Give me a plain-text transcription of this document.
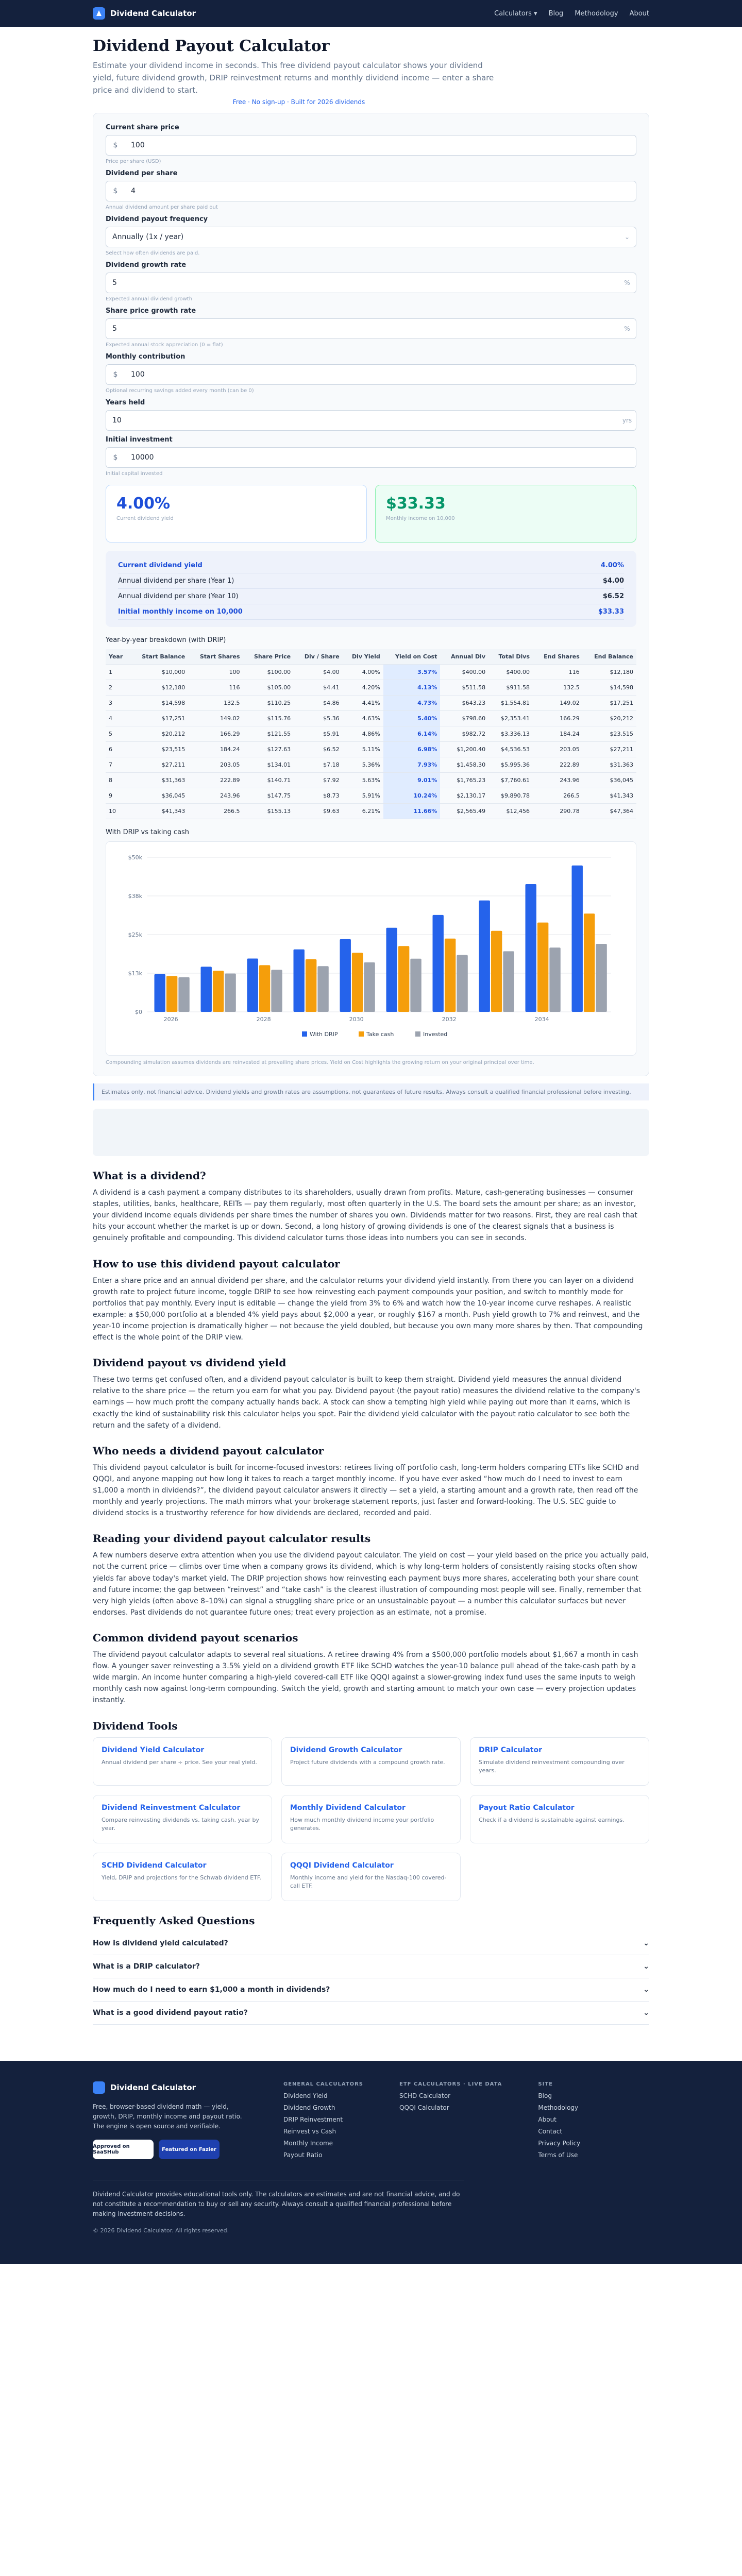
Dividend Calculator	Calculators ▾ Blog Methodology About
Dividend Payout Calculator
Estimate your dividend income in seconds. This free dividend payout calculator shows your dividend yield, future dividend growth, DRIP reinvestment returns and monthly dividend income — enter a share price and dividend to start.
Free · No sign-up · Built for 2026 dividends
Current share price
$	100
Price per share (USD)
Dividend per share
$	4
Annual dividend amount per share paid out
Dividend payout frequency
Annually (1x / year)	⌄
Select how often dividends are paid.
Dividend growth rate
5	%
Expected annual dividend growth
Share price growth rate
5	%
Expected annual stock appreciation (0 = flat)
Monthly contribution
$	100
Optional recurring savings added every month (can be 0)
Years held
10	yrs
Initial investment
$	10000
Initial capital invested
4.00%
Current dividend yield
$33.33
Monthly income on 10,000
Current dividend yield	4.00%
Annual dividend per share (Year 1)	$4.00
Annual dividend per share (Year 10)	$6.52
Initial monthly income on 10,000	$33.33
Year-by-year breakdown (with DRIP)
Year	Start Balance	Start Shares	Share Price	Div / Share	Div Yield	Yield on Cost	Annual Div	Total Divs	End Shares	End Balance
1	$10,000	100	$100.00	$4.00	4.00%	3.57%	$400.00	$400.00	116	$12,180
2	$12,180	116	$105.00	$4.41	4.20%	4.13%	$511.58	$911.58	132.5	$14,598
3	$14,598	132.5	$110.25	$4.86	4.41%	4.73%	$643.23	$1,554.81	149.02	$17,251
4	$17,251	149.02	$115.76	$5.36	4.63%	5.40%	$798.60	$2,353.41	166.29	$20,212
5	$20,212	166.29	$121.55	$5.91	4.86%	6.14%	$982.72	$3,336.13	184.24	$23,515
6	$23,515	184.24	$127.63	$6.52	5.11%	6.98%	$1,200.40	$4,536.53	203.05	$27,211
7	$27,211	203.05	$134.01	$7.18	5.36%	7.93%	$1,458.30	$5,995.36	222.89	$31,363
8	$31,363	222.89	$140.71	$7.92	5.63%	9.01%	$1,765.23	$7,760.61	243.96	$36,045
9	$36,045	243.96	$147.75	$8.73	5.91%	10.24%	$2,130.17	$9,890.78	266.5	$41,343
10	$41,343	266.5	$155.13	$9.63	6.21%	11.66%	$2,565.49	$12,456	290.78	$47,364
With DRIP vs taking cash
$0
$13k
$25k
$38k
$50k
2026	2028	2030	2032	2034
With DRIP	Take cash	Invested
Compounding simulation assumes dividends are reinvested at prevailing share prices. Yield on Cost highlights the growing return on your original principal over time.
Estimates only, not financial advice. Dividend yields and growth rates are assumptions, not guarantees of future results. Always consult a qualified financial professional before investing.
What is a dividend?

A dividend is a cash payment a company distributes to its shareholders, usually drawn from profits. Mature, cash-generating businesses — consumer staples, utilities, banks, healthcare, REITs — pay them regularly, most often quarterly in the U.S. The board sets the amount per share; as an investor, your dividend income equals dividends per share times the number of shares you own. Dividends matter for two reasons. First, they are real cash that hits your account whether the market is up or down. Second, a long history of growing dividends is one of the clearest signals that a business is genuinely profitable and compounding. This dividend calculator turns those ideas into numbers you can see in seconds.

How to use this dividend payout calculator

Enter a share price and an annual dividend per share, and the calculator returns your dividend yield instantly. From there you can layer on a dividend growth rate to project future income, toggle DRIP to see how reinvesting each payment compounds your position, and switch to monthly mode for portfolios that pay monthly. Every input is editable — change the yield from 3% to 6% and watch how the 10-year income curve reshapes. A realistic example: a $50,000 portfolio at a blended 4% yield pays about $2,000 a year, or roughly $167 a month. Push yield growth to 7% and reinvest, and the year-10 income projection is dramatically higher — not because the yield doubled, but because you own many more shares by then. That compounding effect is the whole point of the DRIP view.

Dividend payout vs dividend yield

These two terms get confused often, and a dividend payout calculator is built to keep them straight. Dividend yield measures the annual dividend relative to the share price — the return you earn for what you pay. Dividend payout (the payout ratio) measures the dividend relative to the company's earnings — how much profit the company actually hands back. A stock can show a tempting high yield while paying out more than it earns, which is exactly the kind of sustainability risk this calculator helps you spot. Pair the dividend yield calculator with the payout ratio calculator to see both the return and the safety of a dividend.

Who needs a dividend payout calculator

This dividend payout calculator is built for income-focused investors: retirees living off portfolio cash, long-term holders comparing ETFs like SCHD and QQQI, and anyone mapping out how long it takes to reach a target monthly income. If you have ever asked “how much do I need to invest to earn $1,000 a month in dividends?”, the dividend payout calculator answers it directly — set a yield, a starting amount and a growth rate, then read off the monthly and yearly projections. The math mirrors what your brokerage statement reports, just faster and forward-looking. The U.S. SEC guide to dividend stocks is a trustworthy reference for how dividends are declared, recorded and paid.

Reading your dividend payout calculator results

A few numbers deserve extra attention when you use the dividend payout calculator. The yield on cost — your yield based on the price you actually paid, not the current price — climbs over time when a company grows its dividend, which is why long-term holders of consistently raising stocks often show yields far above today's market yield. The DRIP projection shows how reinvesting each payment buys more shares, accelerating both your share count and future income; the gap between “reinvest” and “take cash” is the clearest illustration of compounding most people will see. Finally, remember that very high yields (often above 8–10%) can signal a struggling share price or an unsustainable payout — a number this calculator surfaces but never endorses. Past dividends do not guarantee future ones; treat every projection as an estimate, not a promise.

Common dividend payout scenarios

The dividend payout calculator adapts to several real situations. A retiree drawing 4% from a $500,000 portfolio models about $1,667 a month in cash flow. A younger saver reinvesting a 3.5% yield on a dividend growth ETF like SCHD watches the year-10 balance pull ahead of the take-cash path by a wide margin. An income hunter comparing a high-yield covered-call ETF like QQQI against a slower-growing index fund uses the same inputs to weigh monthly cash now against long-term compounding. Switch the yield, growth and starting amount to match your own case — every projection updates instantly.

Dividend Tools
Dividend Yield Calculator
Annual dividend per share ÷ price. See your real yield.
Dividend Growth Calculator
Project future dividends with a compound growth rate.
DRIP Calculator
Simulate dividend reinvestment compounding over years.
Dividend Reinvestment Calculator
Compare reinvesting dividends vs. taking cash, year by year.
Monthly Dividend Calculator
How much monthly dividend income your portfolio generates.
Payout Ratio Calculator
Check if a dividend is sustainable against earnings.
SCHD Dividend Calculator
Yield, DRIP and projections for the Schwab dividend ETF.
QQQI Dividend Calculator
Monthly income and yield for the Nasdaq-100 covered-call ETF.
Frequently Asked Questions
How is dividend yield calculated?	⌄
What is a DRIP calculator?	⌄
How much do I need to earn $1,000 a month in dividends?	⌄
What is a good dividend payout ratio?	⌄
Dividend Calculator
Free, browser-based dividend math — yield, growth, DRIP, monthly income and payout ratio. The engine is open source and verifiable.
Approved on SaaSHub	Featured on Fazier
GENERAL CALCULATORS
Dividend Yield
Dividend Growth
DRIP Reinvestment
Reinvest vs Cash
Monthly Income
Payout Ratio
ETF CALCULATORS · LIVE DATA
SCHD Calculator
QQQI Calculator
SITE
Blog
Methodology
About
Contact
Privacy Policy
Terms of Use
Dividend Calculator provides educational tools only. The calculators are estimates and are not financial advice, and do not constitute a recommendation to buy or sell any security. Always consult a qualified financial professional before making investment decisions.
© 2026 Dividend Calculator. All rights reserved.
